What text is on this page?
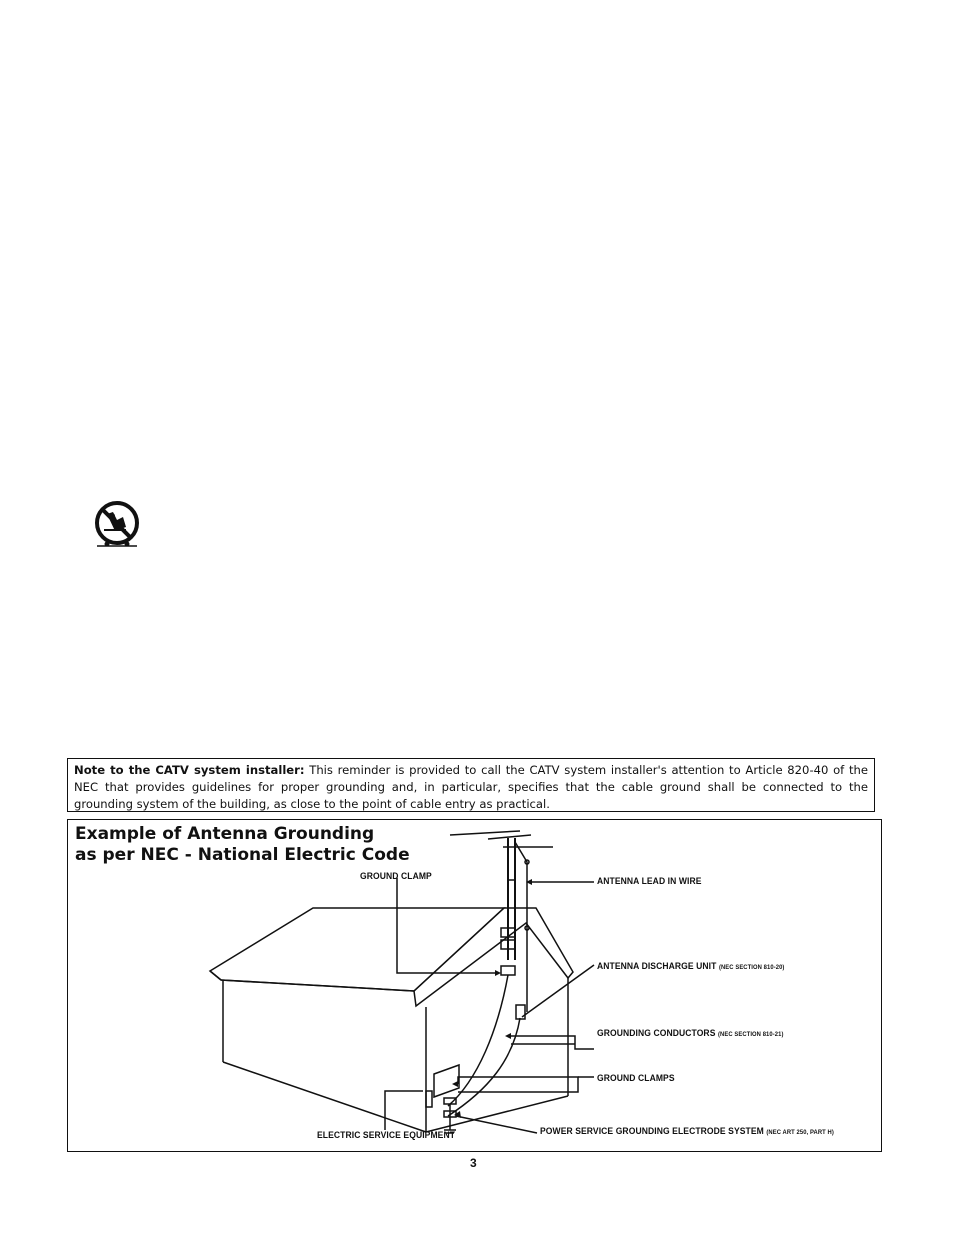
Note to the CATV system installer: This reminder is provided to call the CATV system installer's attention to Article 820-40 of the NEC that provides guidelines for proper grounding and, in particular, specifies that the cable ground shall be connected to the grounding system of the building, as close to the point of cable entry as practical.
Example of Antenna Grounding
as per NEC - National Electric Code
GROUND CLAMP	ANTENNA LEAD IN WIRE
ANTENNA DISCHARGE UNIT (NEC SECTION 810-20)
GROUNDING CONDUCTORS (NEC SECTION 810-21)
GROUND CLAMPS
ELECTRIC SERVICE EQUIPMENT	POWER SERVICE GROUNDING ELECTRODE SYSTEM (NEC ART 250, PART H)
3
